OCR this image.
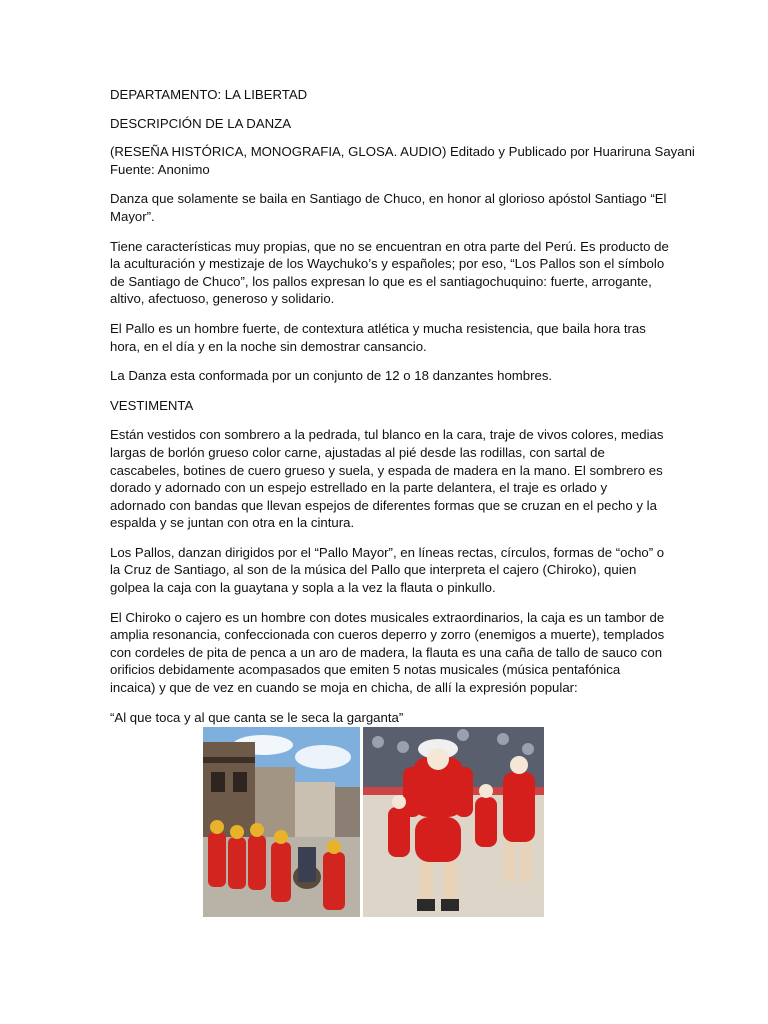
DEPARTAMENTO: LA LIBERTAD

DESCRIPCIÓN DE LA DANZA

(RESEÑA HISTÓRICA, MONOGRAFIA, GLOSA. AUDIO) Editado y Publicado por Huariruna Sayani
Fuente: Anonimo
Danza que solamente se baila en Santiago de Chuco, en honor al glorioso apóstol Santiago “El
Mayor”.
Tiene características muy propias, que no se encuentran en otra parte del Perú. Es producto de
la aculturación y mestizaje de los Waychuko’s y españoles; por eso, “Los Pallos son el símbolo
de Santiago de Chuco”, los pallos expresan lo que es el santiagochuquino: fuerte, arrogante,
altivo, afectuoso, generoso y solidario.
El Pallo es un hombre fuerte, de contextura atlética y mucha resistencia, que baila hora tras
hora, en el día y en la noche sin demostrar cansancio.
La Danza esta conformada por un conjunto de 12 o 18 danzantes hombres.
VESTIMENTA
Están vestidos con sombrero a la pedrada, tul blanco en la cara, traje de vivos colores, medias
largas de borlón grueso color carne, ajustadas al pié desde las rodillas, con sartal de
cascabeles, botines de cuero grueso y suela, y espada de madera en la mano. El sombrero es
dorado y adornado con un espejo estrellado en la parte delantera, el traje es orlado y
adornado con bandas que llevan espejos de diferentes formas que se cruzan en el pecho y la
espalda y se juntan con otra en la cintura.
Los Pallos, danzan dirigidos por el “Pallo Mayor”, en líneas rectas, círculos, formas de “ocho” o
la Cruz de Santiago, al son de la música del Pallo que interpreta el cajero (Chiroko), quien
golpea la caja con la guaytana y sopla a la vez la flauta o pinkullo.
El Chiroko o cajero es un hombre con dotes musicales extraordinarios, la caja es un tambor de
amplia resonancia, confeccionada con cueros deperro y zorro (enemigos a muerte), templados
con cordeles de pita de penca a un aro de madera, la flauta es una caña de tallo de sauco con
orificios debidamente acompasados que emiten 5 notas musicales (música pentafónica
incaica) y que de vez en cuando se moja en chicha, de allí la expresión popular:
“Al que toca y al que canta se le seca la garganta”
